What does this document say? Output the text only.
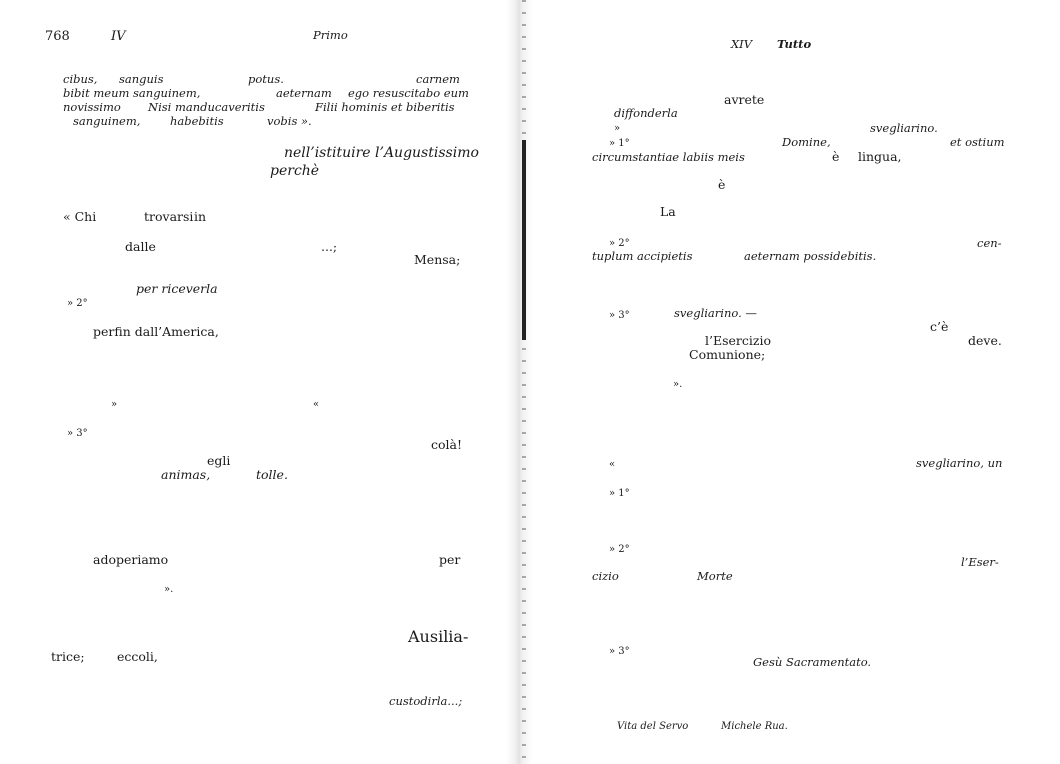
768	IV	Primo
cibus, sanguis	potus.	carnem
bibit meum sanguinem,	aeternam ego resuscitabo eum
novissimo Nisi manducaveritis	Filii hominis et biberitis
sanguinem,	habebitis	vobis ».
nell’istituire l’Augustissimo
perchè
« Chi	trovarsi in
dalle	...;
Mensa;
per riceverla
» 2°
perfin dall’America,
»	«
» 3°
colà!
egli
animas,	tolle.
adoperiamo	per
».
Ausilia-
trice;	eccoli,
custodirla...;
XIV Tutto
avrete
diffonderla
»	svegliarino.
» 1°	Domine,	et ostium
circumstantiae labiis meis	è lingua,
è
La
» 2°	cen-
tuplum accipietis	aeternam possidebitis.
» 3°	svegliarino. —
c’è
l’Esercizio	deve.
Comunione;
».
«	svegliarino, un
» 1°
» 2°
l’Eser-
cizio	Morte
» 3°
Gesù Sacramentato.
Vita del Servo	Michele Rua.
